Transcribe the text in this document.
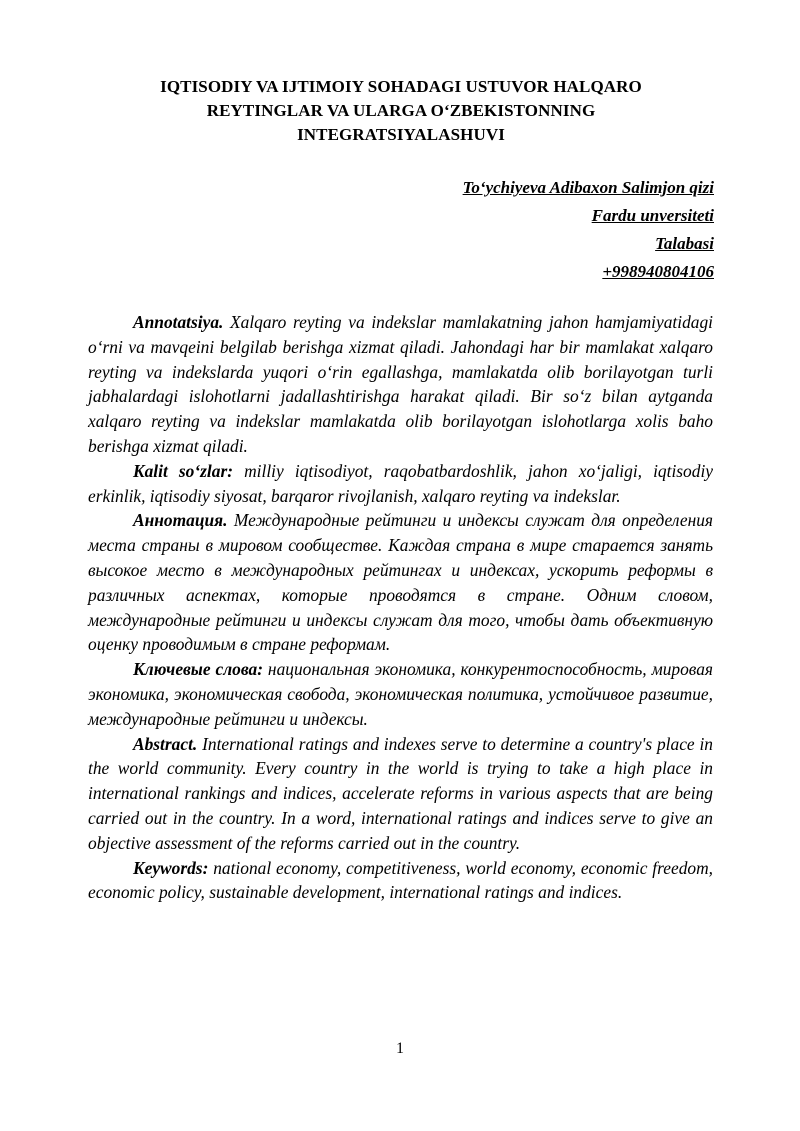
IQTISODIY VA IJTIMOIY SOHADAGI USTUVOR HALQARO
REYTINGLAR VA ULARGA O‘ZBEKISTONNING
INTEGRATSIYALASHUVI
To‘ychiyeva Adibaxon Salimjon qizi
Fardu unversiteti
Talabasi
+998940804106

Annotatsiya. Xalqaro reyting va indekslar mamlakatning jahon hamjamiyatidagi o‘rni va mavqeini belgilab berishga xizmat qiladi. Jahondagi har bir mamlakat xalqaro reyting va indekslarda yuqori o‘rin egallashga, mamlakatda olib borilayotgan turli jabhalardagi islohotlarni jadallashtirishga harakat qiladi. Bir so‘z bilan aytganda xalqaro reyting va indekslar mamlakatda olib borilayotgan islohotlarga xolis baho berishga xizmat qiladi.

Kalit so‘zlar: milliy iqtisodiyot, raqobatbardoshlik, jahon xo‘jaligi, iqtisodiy erkinlik, iqtisodiy siyosat, barqaror rivojlanish, xalqaro reyting va indekslar.

Аннотация. Международные рейтинги и индексы служат для определения места страны в мировом сообществе. Каждая страна в мире старается занять высокое место в международных рейтингах и индексах, ускорить реформы в различных аспектах, которые проводятся в стране. Одним словом, международные рейтинги и индексы служат для того, чтобы дать объективную оценку проводимым в стране реформам.

Ключевые слова: национальная экономика, конкурентоспособность, мировая экономика, экономическая свобода, экономическая политика, устойчивое развитие, международные рейтинги и индексы.

Abstract. International ratings and indexes serve to determine a country's place in the world community. Every country in the world is trying to take a high place in international rankings and indices, accelerate reforms in various aspects that are being carried out in the country. In a word, international ratings and indices serve to give an objective assessment of the reforms carried out in the country.

Keywords: national economy, competitiveness, world economy, economic freedom, economic policy, sustainable development, international ratings and indices.

1
